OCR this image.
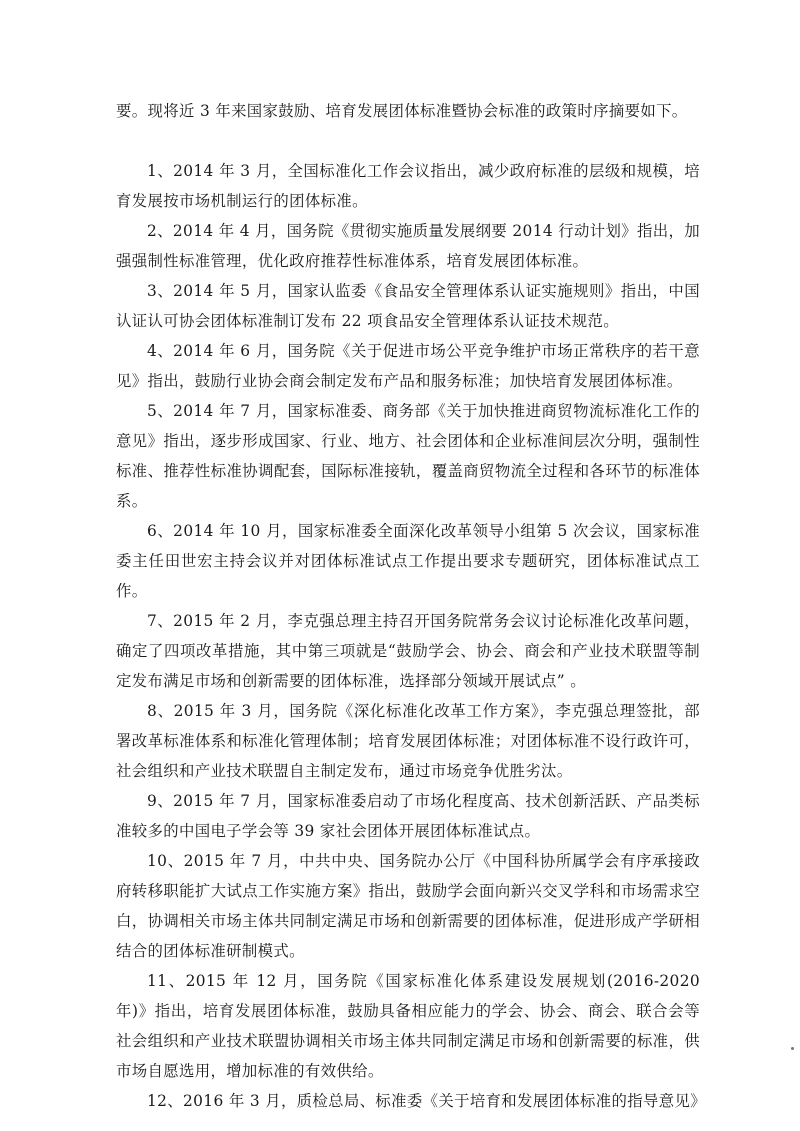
要。现将近 3 年来国家鼓励、培育发展团体标准暨协会标准的政策时序摘要如下。

1、2014 年 3 月，全国标准化工作会议指出，减少政府标准的层级和规模，培育发展按市场机制运行的团体标准。

2、2014 年 4 月，国务院《贯彻实施质量发展纲要 2014 行动计划》指出，加强强制性标准管理，优化政府推荐性标准体系，培育发展团体标准。

3、2014 年 5 月，国家认监委《食品安全管理体系认证实施规则》指出，中国认证认可协会团体标准制订发布 22 项食品安全管理体系认证技术规范。

4、2014 年 6 月，国务院《关于促进市场公平竞争维护市场正常秩序的若干意见》指出，鼓励行业协会商会制定发布产品和服务标准；加快培育发展团体标准。

5、2014 年 7 月，国家标准委、商务部《关于加快推进商贸物流标准化工作的意见》指出，逐步形成国家、行业、地方、社会团体和企业标准间层次分明，强制性标准、推荐性标准协调配套，国际标准接轨，覆盖商贸物流全过程和各环节的标准体系。

6、2014 年 10 月，国家标准委全面深化改革领导小组第 5 次会议，国家标准委主任田世宏主持会议并对团体标准试点工作提出要求专题研究，团体标准试点工作。

7、2015 年 2 月，李克强总理主持召开国务院常务会议讨论标准化改革问题，确定了四项改革措施，其中第三项就是“鼓励学会、协会、商会和产业技术联盟等制定发布满足市场和创新需要的团体标准，选择部分领域开展试点” 。

8、2015 年 3 月，国务院《深化标准化改革工作方案》，李克强总理签批，部署改革标准体系和标准化管理体制；培育发展团体标准；对团体标准不设行政许可，社会组织和产业技术联盟自主制定发布，通过市场竞争优胜劣汰。

9、2015 年 7 月，国家标准委启动了市场化程度高、技术创新活跃、产品类标准较多的中国电子学会等 39 家社会团体开展团体标准试点。

10、2015 年 7 月，中共中央、国务院办公厅《中国科协所属学会有序承接政府转移职能扩大试点工作实施方案》指出，鼓励学会面向新兴交叉学科和市场需求空白，协调相关市场主体共同制定满足市场和创新需要的团体标准，促进形成产学研相结合的团体标准研制模式。

11、2015 年 12 月，国务院《国家标准化体系建设发展规划(2016-2020 年)》指出，培育发展团体标准，鼓励具备相应能力的学会、协会、商会、联合会等社会组织和产业技术联盟协调相关市场主体共同制定满足市场和创新需要的标准，供市场自愿选用，增加标准的有效供给。

12、2016 年 3 月，质检总局、标准委《关于培育和发展团体标准的指导意见》
